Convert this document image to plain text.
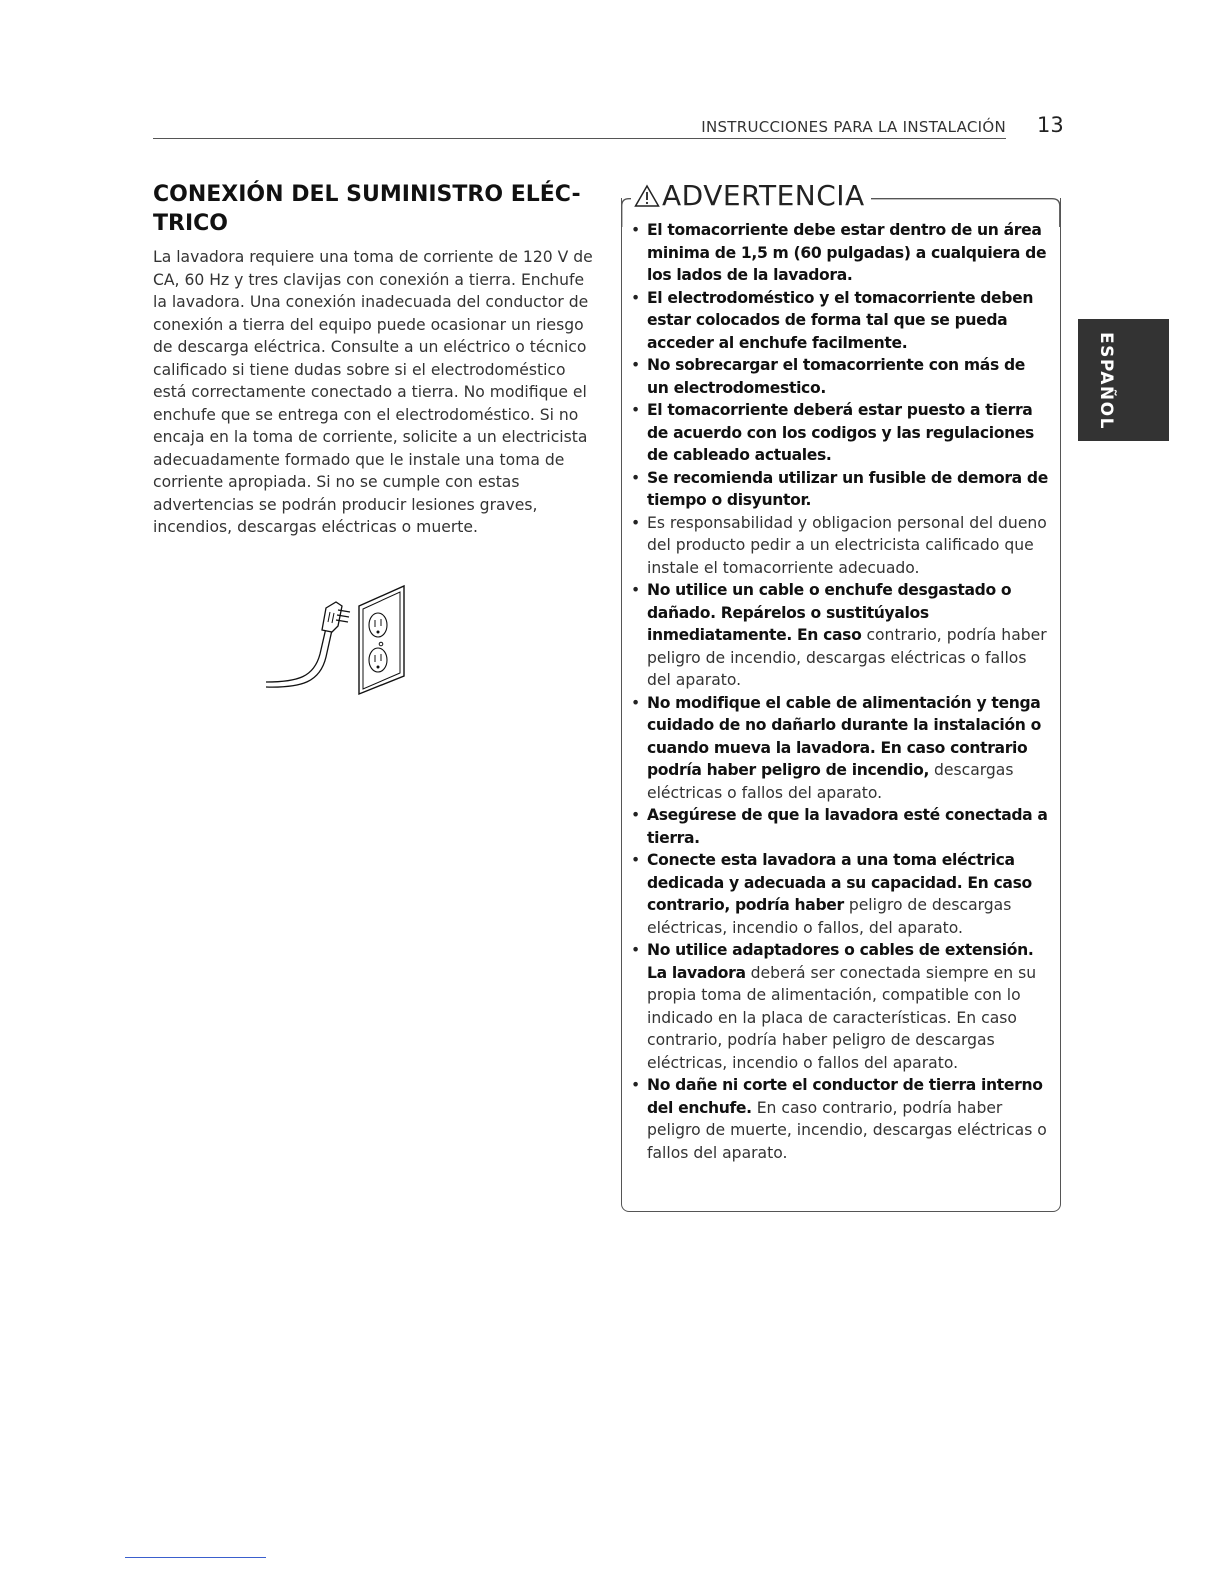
INSTRUCCIONES PARA LA INSTALACIÓN 13
CONEXIÓN DEL SUMINISTRO ELÉC-
TRICO
La lavadora requiere una toma de corriente de 120 V de CA, 60 Hz y tres clavijas con conexión a tierra. Enchufe la lavadora. Una conexión inadecuada del conductor de conexión a tierra del equipo puede ocasionar un riesgo de descarga eléctrica. Consulte a un eléctrico o técnico calificado si tiene dudas sobre si el electrodoméstico está correctamente conectado a tierra. No modifique el enchufe que se entrega con el electrodoméstico. Si no encaja en la toma de corriente, solicite a un electricista adecuadamente formado que le instale una toma de corriente apropiada. Si no se cumple con estas advertencias se podrán producir lesiones graves, incendios, descargas eléctricas o muerte.
ADVERTENCIA
• El tomacorriente debe estar dentro de un área minima de 1,5 m (60 pulgadas) a cualquiera de los lados de la lavadora.
• El electrodoméstico y el tomacorriente deben estar colocados de forma tal que se pueda acceder al enchufe facilmente.
• No sobrecargar el tomacorriente con más de un electrodomestico.
• El tomacorriente deberá estar puesto a tierra de acuerdo con los codigos y las regulaciones de cableado actuales.
• Se recomienda utilizar un fusible de demora de tiempo o disyuntor.
• Es responsabilidad y obligacion personal del dueno del producto pedir a un electricista calificado que instale el tomacorriente adecuado.
• No utilice un cable o enchufe desgastado o dañado. Repárelos o sustitúyalos inmediatamente. En caso contrario, podría haber peligro de incendio, descargas eléctricas o fallos del aparato.
• No modifique el cable de alimentación y tenga cuidado de no dañarlo durante la instalación o cuando mueva la lavadora. En caso contrario podría haber peligro de incendio, descargas eléctricas o fallos del aparato.
• Asegúrese de que la lavadora esté conectada a tierra.
• Conecte esta lavadora a una toma eléctrica dedicada y adecuada a su capacidad. En caso contrario, podría haber peligro de descargas eléctricas, incendio o fallos, del aparato.
• No utilice adaptadores o cables de extensión. La lavadora deberá ser conectada siempre en su propia toma de alimentación, compatible con lo indicado en la placa de características. En caso contrario, podría haber peligro de descargas eléctricas, incendio o fallos del aparato.
• No dañe ni corte el conductor de tierra interno del enchufe. En caso contrario, podría haber peligro de muerte, incendio, descargas eléctricas o fallos del aparato.
ESPAÑOL
